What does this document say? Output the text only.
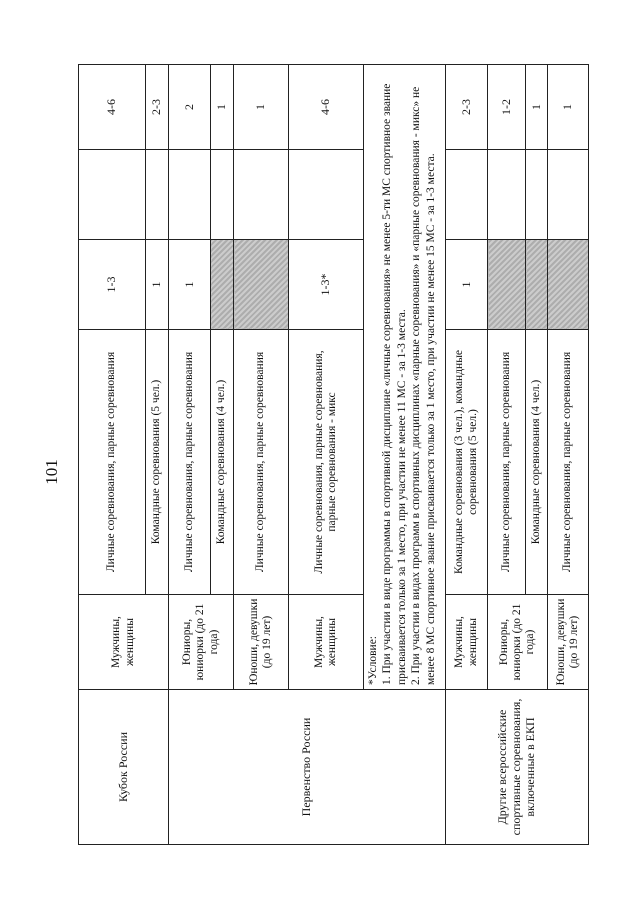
101
Кубок России	Мужчины, женщины	Личные соревнования, парные соревнования	1-3		4-6
		Командные соревнования (5 чел.)	1		2-3
Первенство России	Юниоры, юниорки (до 21 года)	Личные соревнования, парные соревнования	1		2
		Командные соревнования (4 чел.)			1
	Юноши, девушки (до 19 лет)	Личные соревнования, парные соревнования			1
	Мужчины, женщины	Личные соревнования, парные соревнования, парные соревнования - микс	1-3*		4-6

	*Условие: 1. При участии в виде программы в спортивной дисциплине «личные соревнования» не менее 5-ти МС спортивное звание присваивается только за 1 место, при участии не менее 11 МС - за 1-3 места. 2. При участии в видах программ в спортивных дисциплинах «парные соревнования» и «парные соревнования - микс» не менее 8 МС спортивное звание присваивается только за 1 место, при участии не менее 15 МС - за 1-3 места.				

Другие всероссийские спортивные соревнования, включенные в ЕКП	Мужчины, женщины	Командные соревнования (3 чел.), командные соревнования (5 чел.)	1		2-3
	Юниоры, юниорки (до 21 года)	Личные соревнования, парные соревнования			1-2
		Командные соревнования (4 чел.)			1
	Юноши, девушки (до 19 лет)	Личные соревнования, парные соревнования			1
